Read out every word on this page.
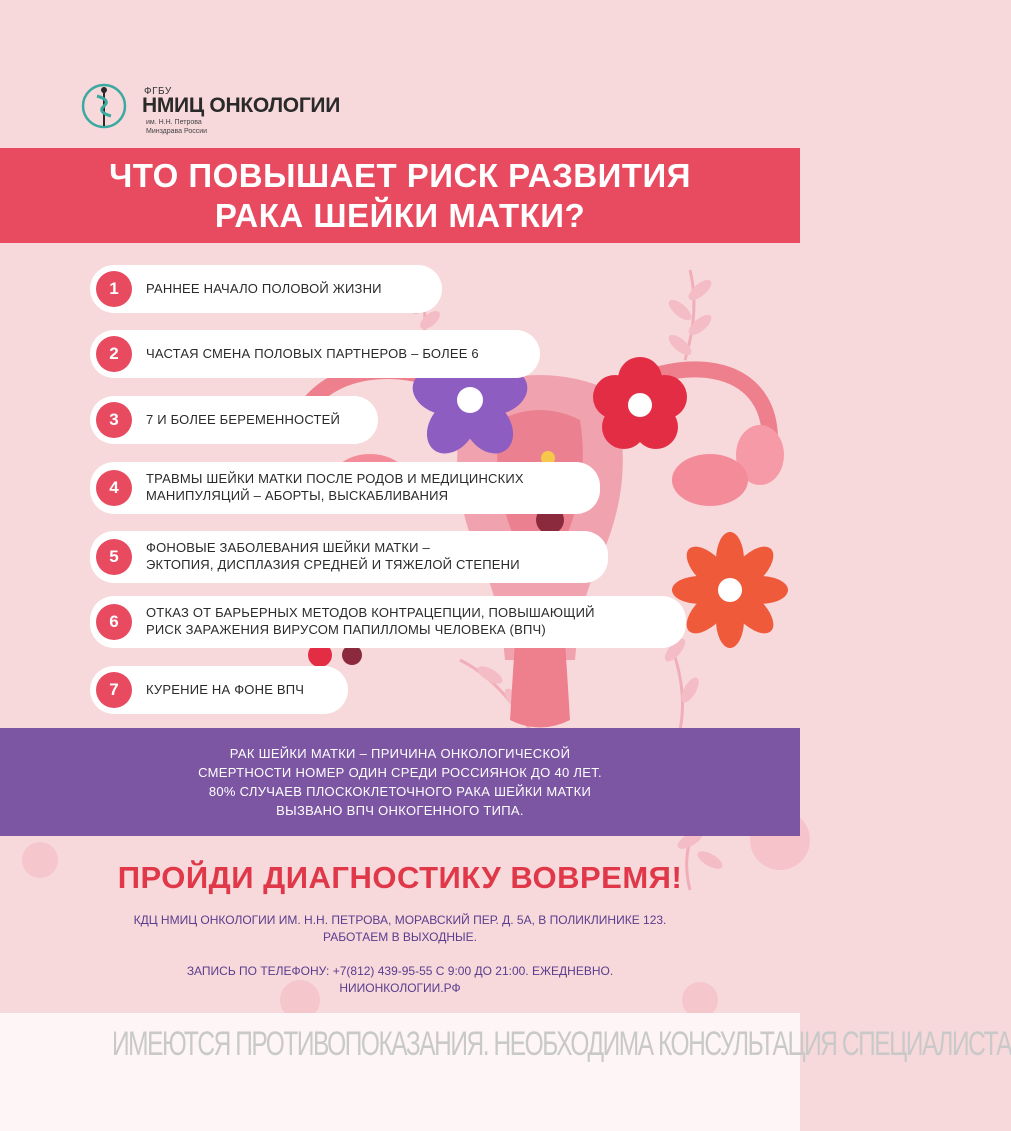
ФГБУ
НМИЦ ОНКОЛОГИИ
им. Н.Н. Петрова
Минздрава России
ЧТО ПОВЫШАЕТ РИСК РАЗВИТИЯ
РАКА ШЕЙКИ МАТКИ?
1	РАННЕЕ НАЧАЛО ПОЛОВОЙ ЖИЗНИ
2	ЧАСТАЯ СМЕНА ПОЛОВЫХ ПАРТНЕРОВ – БОЛЕЕ 6
3	7 И БОЛЕЕ БЕРЕМЕННОСТЕЙ
4	ТРАВМЫ ШЕЙКИ МАТКИ ПОСЛЕ РОДОВ И МЕДИЦИНСКИХ
МАНИПУЛЯЦИЙ – АБОРТЫ, ВЫСКАБЛИВАНИЯ
5	ФОНОВЫЕ ЗАБОЛЕВАНИЯ ШЕЙКИ МАТКИ –
ЭКТОПИЯ, ДИСПЛАЗИЯ СРЕДНЕЙ И ТЯЖЕЛОЙ СТЕПЕНИ
6	ОТКАЗ ОТ БАРЬЕРНЫХ МЕТОДОВ КОНТРАЦЕПЦИИ, ПОВЫШАЮЩИЙ
РИСК ЗАРАЖЕНИЯ ВИРУСОМ ПАПИЛЛОМЫ ЧЕЛОВЕКА (ВПЧ)
7	КУРЕНИЕ НА ФОНЕ ВПЧ
РАК ШЕЙКИ МАТКИ – ПРИЧИНА ОНКОЛОГИЧЕСКОЙ
СМЕРТНОСТИ НОМЕР ОДИН СРЕДИ РОССИЯНОК ДО 40 ЛЕТ.
80% СЛУЧАЕВ ПЛОСКОКЛЕТОЧНОГО РАКА ШЕЙКИ МАТКИ
ВЫЗВАНО ВПЧ ОНКОГЕННОГО ТИПА.
ПРОЙДИ ДИАГНОСТИКУ ВОВРЕМЯ!
КДЦ НМИЦ ОНКОЛОГИИ ИМ. Н.Н. ПЕТРОВА, МОРАВСКИЙ ПЕР. Д. 5А, В ПОЛИКЛИНИКЕ 123.
РАБОТАЕМ В ВЫХОДНЫЕ.
ЗАПИСЬ ПО ТЕЛЕФОНУ: +7(812) 439-95-55 С 9:00 ДО 21:00. ЕЖЕДНЕВНО.
НИИОНКОЛОГИИ.РФ
ИМЕЮТСЯ ПРОТИВОПОКАЗАНИЯ. НЕОБХОДИМА КОНСУЛЬТАЦИЯ СПЕЦИАЛИСТА
